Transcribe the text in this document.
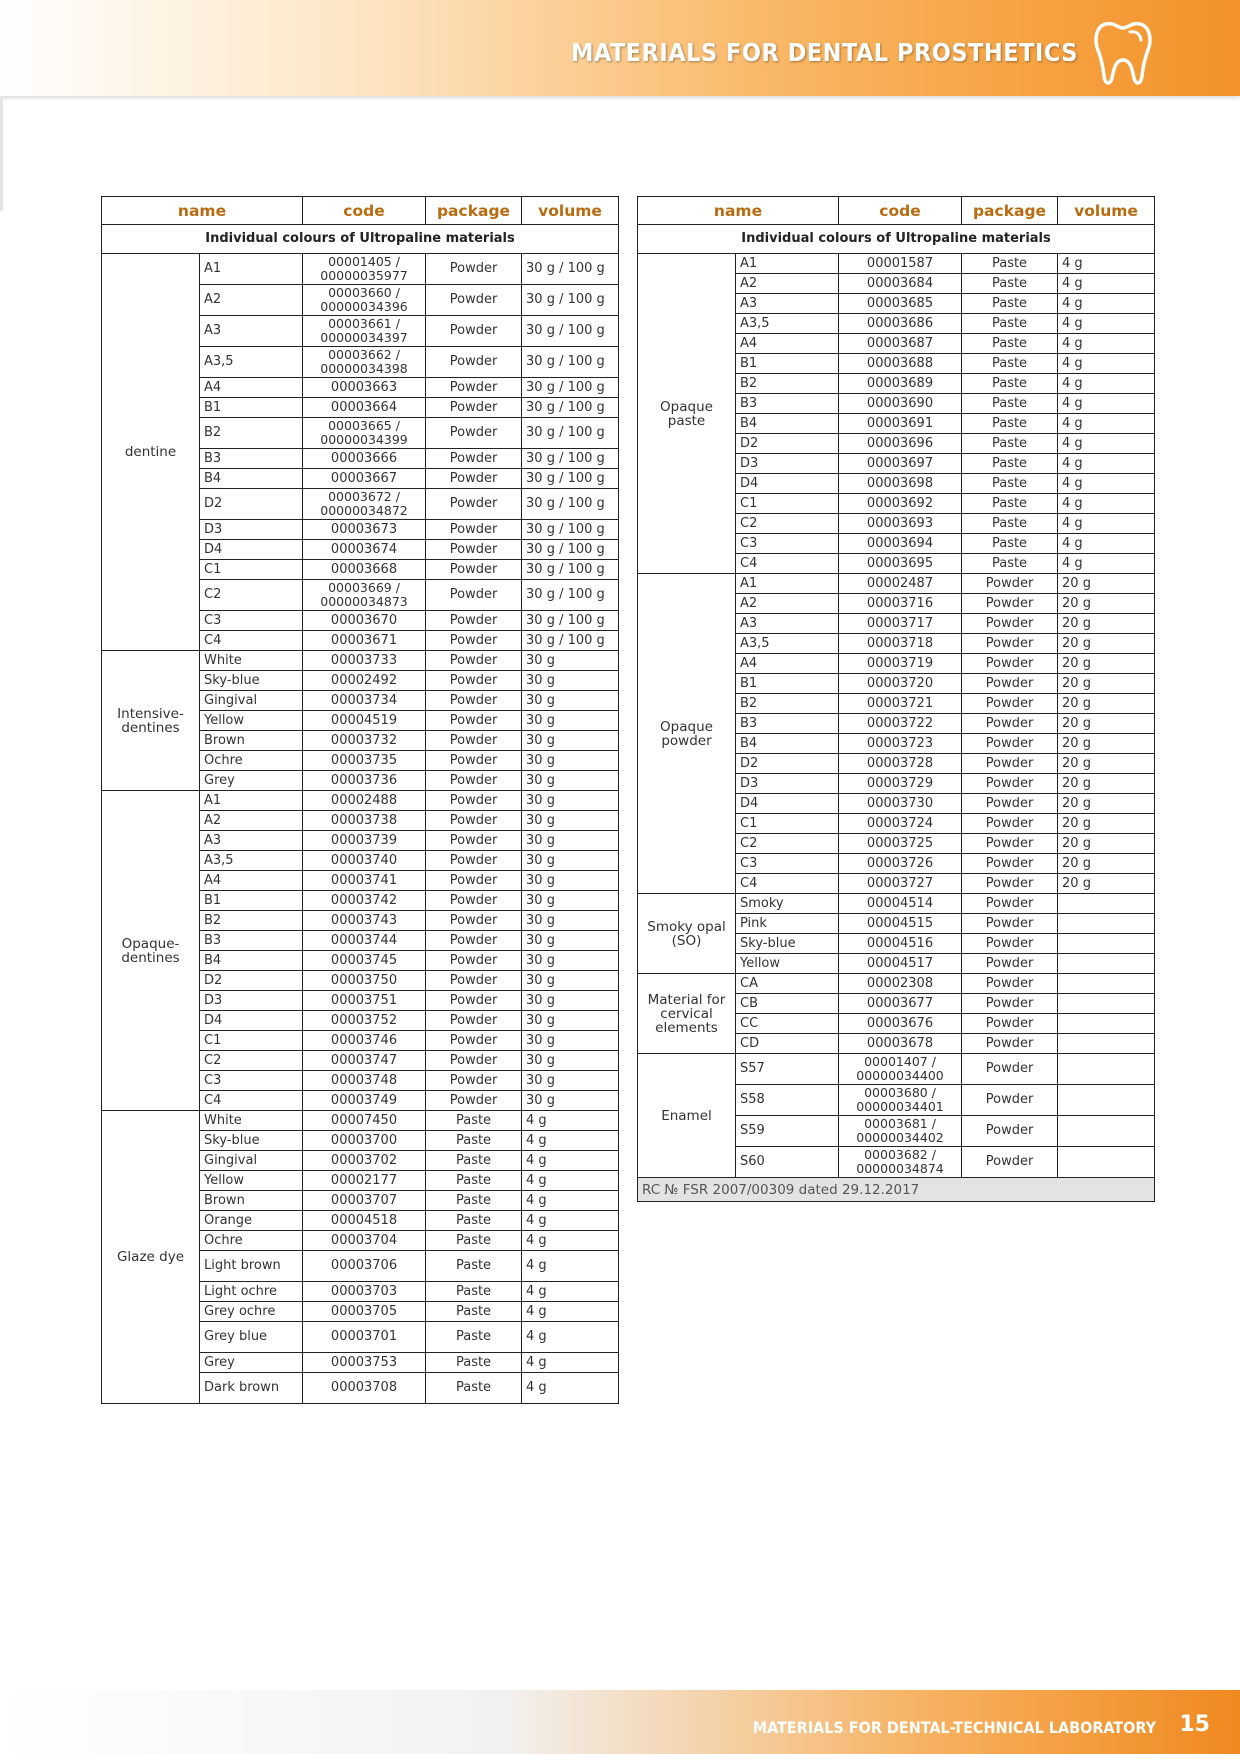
MATERIALS FOR DENTAL PROSTHETICS
name		code	package	volume
Individual colours of Ultropaline materials				
dentine	A1	00001405 / 00000035977	Powder	30 g / 100 g
	A2	00003660 / 00000034396	Powder	30 g / 100 g
	A3	00003661 / 00000034397	Powder	30 g / 100 g
	A3,5	00003662 / 00000034398	Powder	30 g / 100 g
	A4	00003663	Powder	30 g / 100 g
	B1	00003664	Powder	30 g / 100 g
	B2	00003665 / 00000034399	Powder	30 g / 100 g
	B3	00003666	Powder	30 g / 100 g
	B4	00003667	Powder	30 g / 100 g
	D2	00003672 / 00000034872	Powder	30 g / 100 g
	D3	00003673	Powder	30 g / 100 g
	D4	00003674	Powder	30 g / 100 g
	C1	00003668	Powder	30 g / 100 g
	C2	00003669 / 00000034873	Powder	30 g / 100 g
	C3	00003670	Powder	30 g / 100 g
	C4	00003671	Powder	30 g / 100 g
Intensive-dentines	White	00003733	Powder	30 g
	Sky-blue	00002492	Powder	30 g
	Gingival	00003734	Powder	30 g
	Yellow	00004519	Powder	30 g
	Brown	00003732	Powder	30 g
	Ochre	00003735	Powder	30 g
	Grey	00003736	Powder	30 g
Opaque-dentines	A1	00002488	Powder	30 g
	A2	00003738	Powder	30 g
	A3	00003739	Powder	30 g
	A3,5	00003740	Powder	30 g
	A4	00003741	Powder	30 g
	B1	00003742	Powder	30 g
	B2	00003743	Powder	30 g
	B3	00003744	Powder	30 g
	B4	00003745	Powder	30 g
	D2	00003750	Powder	30 g
	D3	00003751	Powder	30 g
	D4	00003752	Powder	30 g
	C1	00003746	Powder	30 g
	C2	00003747	Powder	30 g
	C3	00003748	Powder	30 g
	C4	00003749	Powder	30 g
Glaze dye	White	00007450	Paste	4 g
	Sky-blue	00003700	Paste	4 g
	Gingival	00003702	Paste	4 g
	Yellow	00002177	Paste	4 g
	Brown	00003707	Paste	4 g
	Orange	00004518	Paste	4 g
	Ochre	00003704	Paste	4 g
	Light brown	00003706	Paste	4 g
	Light ochre	00003703	Paste	4 g
	Grey ochre	00003705	Paste	4 g
	Grey blue	00003701	Paste	4 g
	Grey	00003753	Paste	4 g
	Dark brown	00003708	Paste	4 g
name		code	package	volume
Individual colours of Ultropaline materials				
Opaque paste	A1	00001587	Paste	4 g
	A2	00003684	Paste	4 g
	A3	00003685	Paste	4 g
	A3,5	00003686	Paste	4 g
	A4	00003687	Paste	4 g
	B1	00003688	Paste	4 g
	B2	00003689	Paste	4 g
	B3	00003690	Paste	4 g
	B4	00003691	Paste	4 g
	D2	00003696	Paste	4 g
	D3	00003697	Paste	4 g
	D4	00003698	Paste	4 g
	C1	00003692	Paste	4 g
	C2	00003693	Paste	4 g
	C3	00003694	Paste	4 g
	C4	00003695	Paste	4 g
Opaque powder	A1	00002487	Powder	20 g
	A2	00003716	Powder	20 g
	A3	00003717	Powder	20 g
	A3,5	00003718	Powder	20 g
	A4	00003719	Powder	20 g
	B1	00003720	Powder	20 g
	B2	00003721	Powder	20 g
	B3	00003722	Powder	20 g
	B4	00003723	Powder	20 g
	D2	00003728	Powder	20 g
	D3	00003729	Powder	20 g
	D4	00003730	Powder	20 g
	C1	00003724	Powder	20 g
	C2	00003725	Powder	20 g
	C3	00003726	Powder	20 g
	C4	00003727	Powder	20 g
Smoky opal (SO)	Smoky	00004514	Powder	
	Pink	00004515	Powder	
	Sky-blue	00004516	Powder	
	Yellow	00004517	Powder	
Material for cervical elements	CA	00002308	Powder	
	CB	00003677	Powder	
	CC	00003676	Powder	
	CD	00003678	Powder	
Enamel	S57	00001407 / 00000034400	Powder	
	S58	00003680 / 00000034401	Powder	
	S59	00003681 / 00000034402	Powder	
	S60	00003682 / 00000034874	Powder	
RC № FSR 2007/00309 dated 29.12.2017				
MATERIALS FOR DENTAL-TECHNICAL LABORATORY 15
